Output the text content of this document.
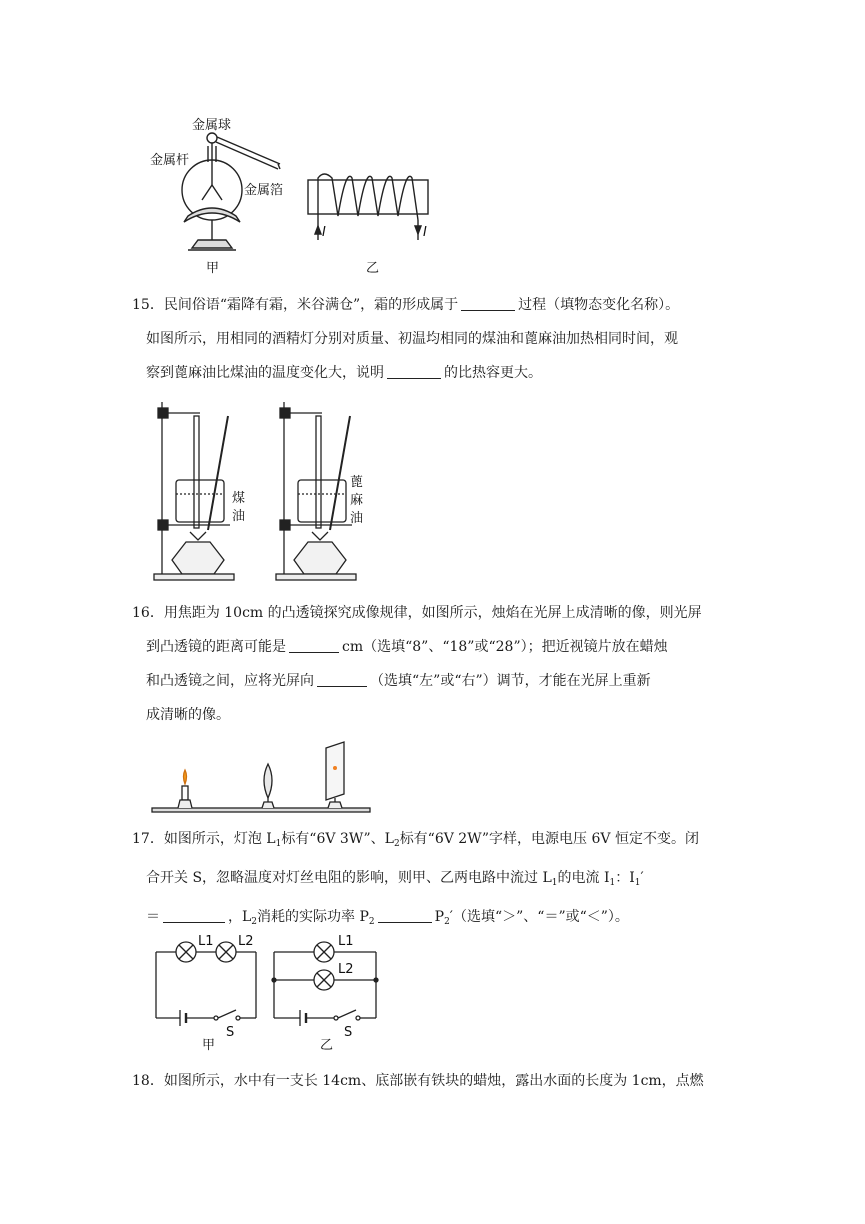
金属球
金属杆
金属箔
甲
I	I
乙

15．民间俗语“霜降有霜，米谷满仓”，霜的形成属于	过程（填物态变化名称）。

如图所示，用相同的酒精灯分别对质量、初温均相同的煤油和蓖麻油加热相同时间，观

察到蓖麻油比煤油的温度变化大，说明	的比热容更大。

煤
油
蓖
麻
油

16．用焦距为 10cm 的凸透镜探究成像规律，如图所示，烛焰在光屏上成清晰的像，则光屏

到凸透镜的距离可能是	cm（选填“8”、“18”或“28”）；把近视镜片放在蜡烛

和凸透镜之间，应将光屏向	（选填“左”或“右”）调节，才能在光屏上重新

成清晰的像。

17．如图所示，灯泡 $L_1$标有“6V 3W”、$L_2$标有“6V 2W”字样，电源电压 6V 恒定不变。闭

合开关 S，忽略温度对灯丝电阻的影响，则甲、乙两电路中流过 $L_1$的电流 $I_1$：$I_1'$

＝	，$L_2$消耗的实际功率 $P_2$	$P_2'$（选填“＞”、“＝”或“＜”）。

L1 L2
S
甲
L1
L2
S
乙

18．如图所示，水中有一支长 14cm、底部嵌有铁块的蜡烛，露出水面的长度为 1cm，点燃
